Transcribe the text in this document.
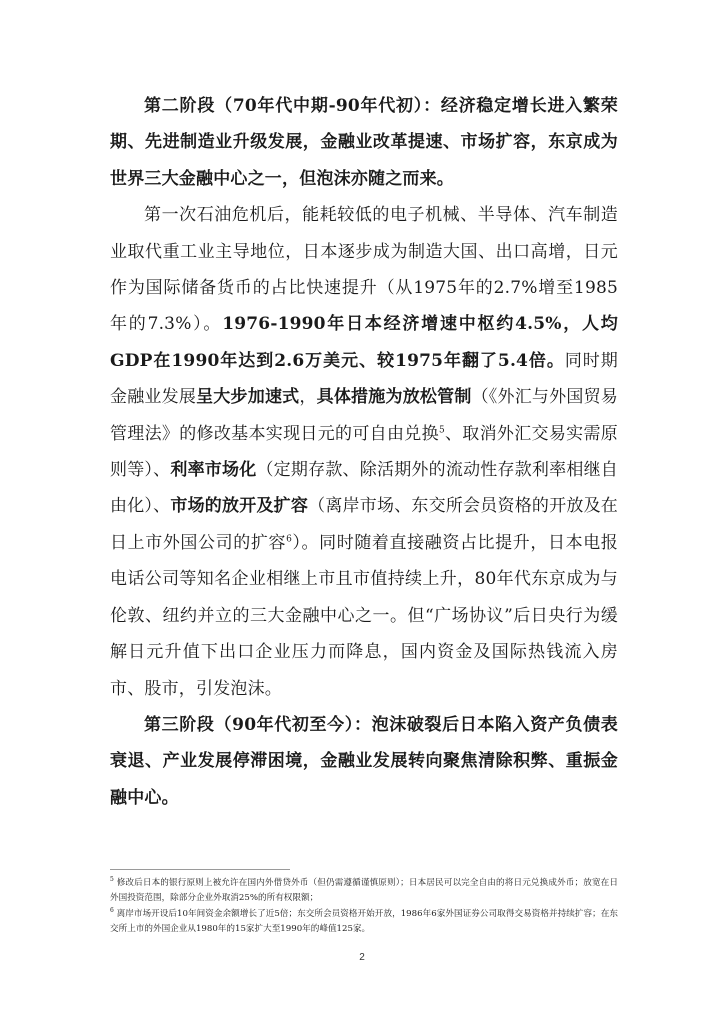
第二阶段（70年代中期-90年代初）：经济稳定增长进入繁荣期、先进制造业升级发展，金融业改革提速、市场扩容，东京成为世界三大金融中心之一，但泡沫亦随之而来。

第一次石油危机后，能耗较低的电子机械、半导体、汽车制造业取代重工业主导地位，日本逐步成为制造大国、出口高增，日元作为国际储备货币的占比快速提升（从1975年的2.7%增至1985年的7.3%）。1976-1990年日本经济增速中枢约4.5%，人均GDP在1990年达到2.6万美元、较1975年翻了5.4倍。同时期金融业发展呈大步加速式，具体措施为放松管制（《外汇与外国贸易管理法》的修改基本实现日元的可自由兑换$^5$、取消外汇交易实需原则等）、利率市场化（定期存款、除活期外的流动性存款利率相继自由化）、市场的放开及扩容（离岸市场、东交所会员资格的开放及在日上市外国公司的扩容$^6$）。同时随着直接融资占比提升，日本电报电话公司等知名企业相继上市且市值持续上升，80年代东京成为与伦敦、纽约并立的三大金融中心之一。但“广场协议”后日央行为缓解日元升值下出口企业压力而降息，国内资金及国际热钱流入房市、股市，引发泡沫。

第三阶段（90年代初至今）：泡沫破裂后日本陷入资产负债表衰退、产业发展停滞困境，金融业发展转向聚焦清除积弊、重振金融中心。

$^5$ 修改后日本的银行原则上被允许在国内外借贷外币（但仍需遵循谨慎原则）；日本居民可以完全自由的将日元兑换成外币；放宽在日外国投资范围，除部分企业外取消25%的所有权限额；

$^6$ 离岸市场开设后10年间资金余额增长了近5倍；东交所会员资格开始开放，1986年6家外国证券公司取得交易资格并持续扩容；在东交所上市的外国企业从1980年的15家扩大至1990年的峰值125家。

2
